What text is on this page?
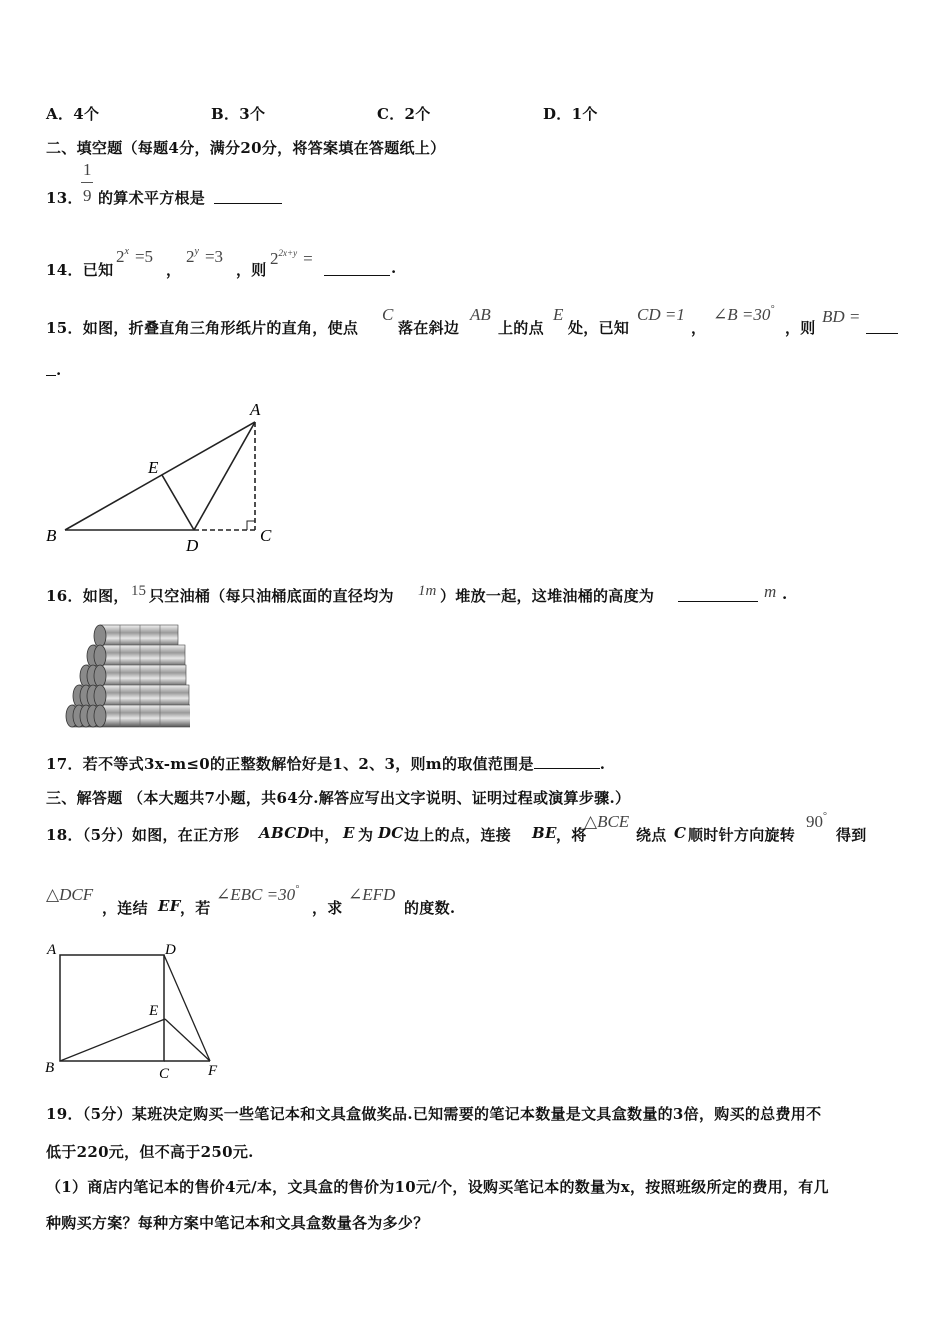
A．4个	B．3个	C．2个	D．1个
二、填空题（每题4分，满分20分，将答案填在答题纸上）
13．
1
9 的算术平方根是
14．已知
$2^x =5$
，
$2^y =3$
，则
$2^{2x+y}$ =	.
15．如图，折叠直角三角形纸片的直角，使点
C
落在斜边
AB
上的点
E
处，已知
CD =1
，
∠B =30°
，则
BD =
.
B
D
C
A
E
16．如图， 15 只空油桶（每只油桶底面的直径均为 1m ）堆放一起，这堆油桶的高度为	m .
17．若不等式3x-m≤0的正整数解恰好是1、2、3，则m的取值范围是	.
三、解答题 （本大题共7小题，共64分.解答应写出文字说明、证明过程或演算步骤.）
18．（5分）如图，在正方形 ABCD 中， E 为 DC 边上的点，连接 BE ，将
△BCE
绕点 C 顺时针方向旋转
90°
得到
△DCF
，连结 EF ，若
∠EBC =30°
，求
∠EFD
的度数.
A	D
E
B	C	F
19．（5分）某班决定购买一些笔记本和文具盒做奖品.已知需要的笔记本数量是文具盒数量的3倍，购买的总费用不
低于220元，但不高于250元.
（1）商店内笔记本的售价4元/本，文具盒的售价为10元/个，设购买笔记本的数量为x，按照班级所定的费用，有几
种购买方案？每种方案中笔记本和文具盒数量各为多少？
